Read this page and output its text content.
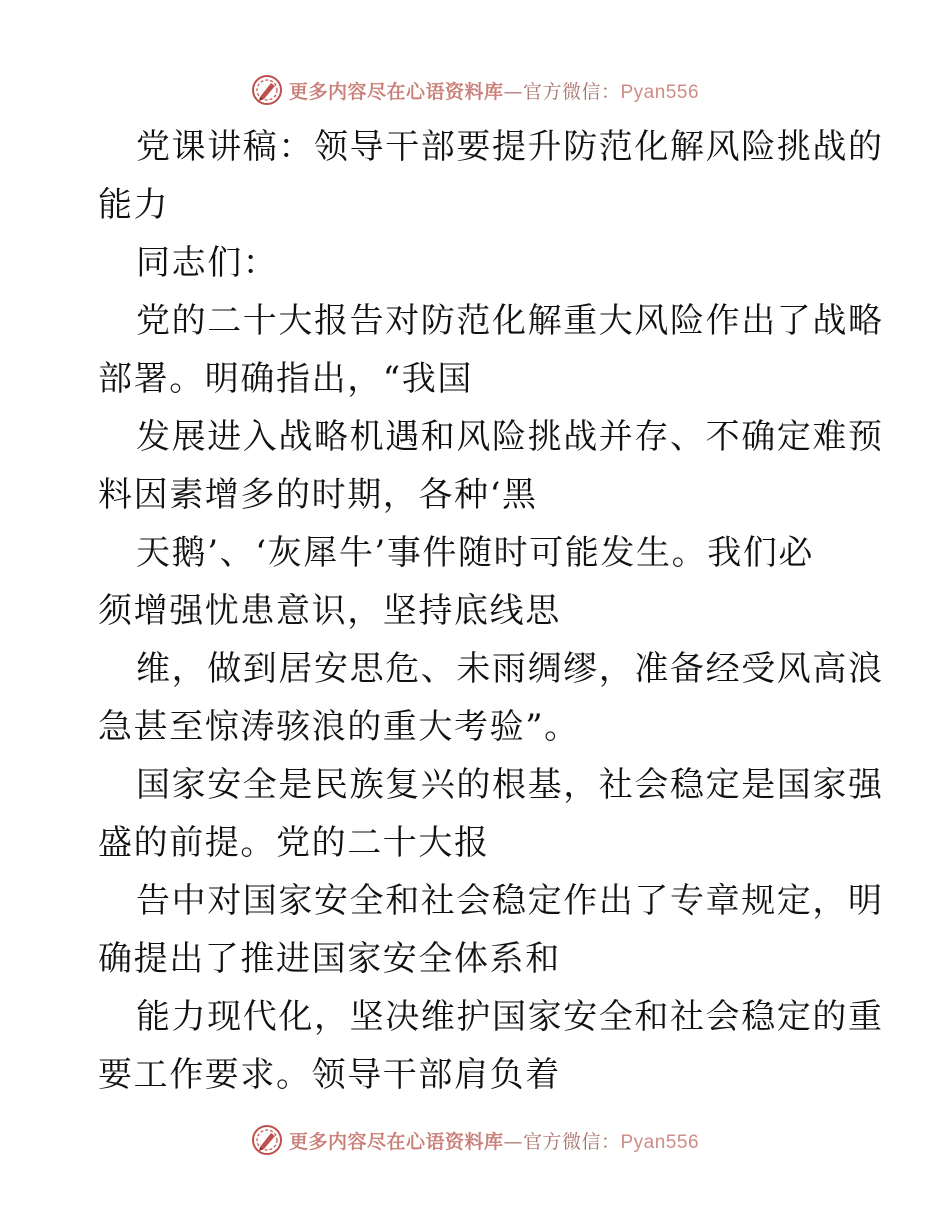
更多内容尽在心语资料库—官方微信：Pyan556
党课讲稿：领导干部要提升防范化解风险挑战的
能力
同志们：
党的二十大报告对防范化解重大风险作出了战略
部署。明确指出，“我国
发展进入战略机遇和风险挑战并存、不确定难预
料因素增多的时期，各种‘黑
天鹅’、‘灰犀牛’事件随时可能发生。我们必
须增强忧患意识，坚持底线思
维，做到居安思危、未雨绸缪，准备经受风高浪
急甚至惊涛骇浪的重大考验”。
国家安全是民族复兴的根基，社会稳定是国家强
盛的前提。党的二十大报
告中对国家安全和社会稳定作出了专章规定，明
确提出了推进国家安全体系和
能力现代化，坚决维护国家安全和社会稳定的重
要工作要求。领导干部肩负着
更多内容尽在心语资料库—官方微信：Pyan556
